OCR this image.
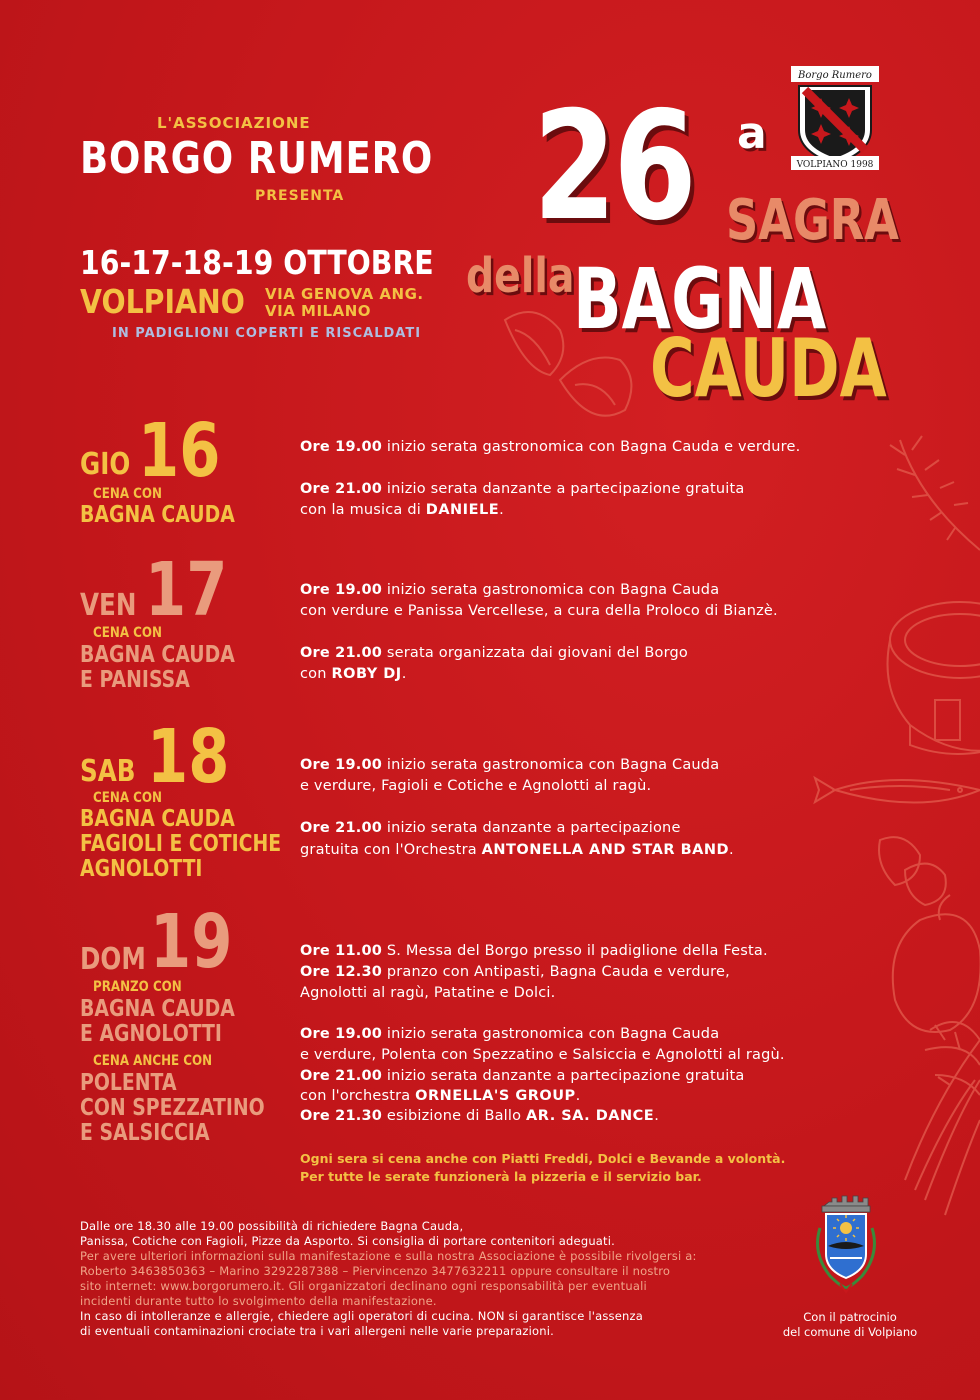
L'ASSOCIAZIONE
BORGO RUMERO
PRESENTA
16-17-18-19 OTTOBRE
VOLPIANO VIA GENOVA ANG.
VIA MILANO
IN PADIGLIONI COPERTI E RISCALDATI
26 a
SAGRA
della
BAGNA
CAUDA
Borgo Rumero
VOLPIANO 1998
GIO 16
CENA CON
BAGNA CAUDA
Ore 19.00 inizio serata gastronomica con Bagna Cauda e verdure.
Ore 21.00 inizio serata danzante a partecipazione gratuita
con la musica di DANIELE.
VEN 17
CENA CON
BAGNA CAUDA
E PANISSA
Ore 19.00 inizio serata gastronomica con Bagna Cauda
con verdure e Panissa Vercellese, a cura della Proloco di Bianzè.
Ore 21.00 serata organizzata dai giovani del Borgo
con ROBY DJ.
SAB 18
CENA CON
BAGNA CAUDA
FAGIOLI E COTICHE
AGNOLOTTI
Ore 19.00 inizio serata gastronomica con Bagna Cauda
e verdure, Fagioli e Cotiche e Agnolotti al ragù.
Ore 21.00 inizio serata danzante a partecipazione
gratuita con l'Orchestra ANTONELLA AND STAR BAND.
DOM 19
PRANZO CON
BAGNA CAUDA
E AGNOLOTTI
CENA ANCHE CON
POLENTA
CON SPEZZATINO
E SALSICCIA
Ore 11.00 S. Messa del Borgo presso il padiglione della Festa.
Ore 12.30 pranzo con Antipasti, Bagna Cauda e verdure,
Agnolotti al ragù, Patatine e Dolci.
Ore 19.00 inizio serata gastronomica con Bagna Cauda
e verdure, Polenta con Spezzatino e Salsiccia e Agnolotti al ragù.
Ore 21.00 inizio serata danzante a partecipazione gratuita
con l'orchestra ORNELLA'S GROUP.
Ore 21.30 esibizione di Ballo AR. SA. DANCE.
Ogni sera si cena anche con Piatti Freddi, Dolci e Bevande a volontà.
Per tutte le serate funzionerà la pizzeria e il servizio bar.
Dalle ore 18.30 alle 19.00 possibilità di richiedere Bagna Cauda,
Panissa, Cotiche con Fagioli, Pizze da Asporto. Si consiglia di portare contenitori adeguati.
Per avere ulteriori informazioni sulla manifestazione e sulla nostra Associazione è possibile rivolgersi a:
Roberto 3463850363 – Marino 3292287388 – Piervincenzo 3477632211 oppure consultare il nostro
sito internet: www.borgorumero.it. Gli organizzatori declinano ogni responsabilità per eventuali
incidenti durante tutto lo svolgimento della manifestazione.
In caso di intolleranze e allergie, chiedere agli operatori di cucina. NON si garantisce l'assenza
di eventuali contaminazioni crociate tra i vari allergeni nelle varie preparazioni.
Con il patrocinio
del comune di Volpiano
